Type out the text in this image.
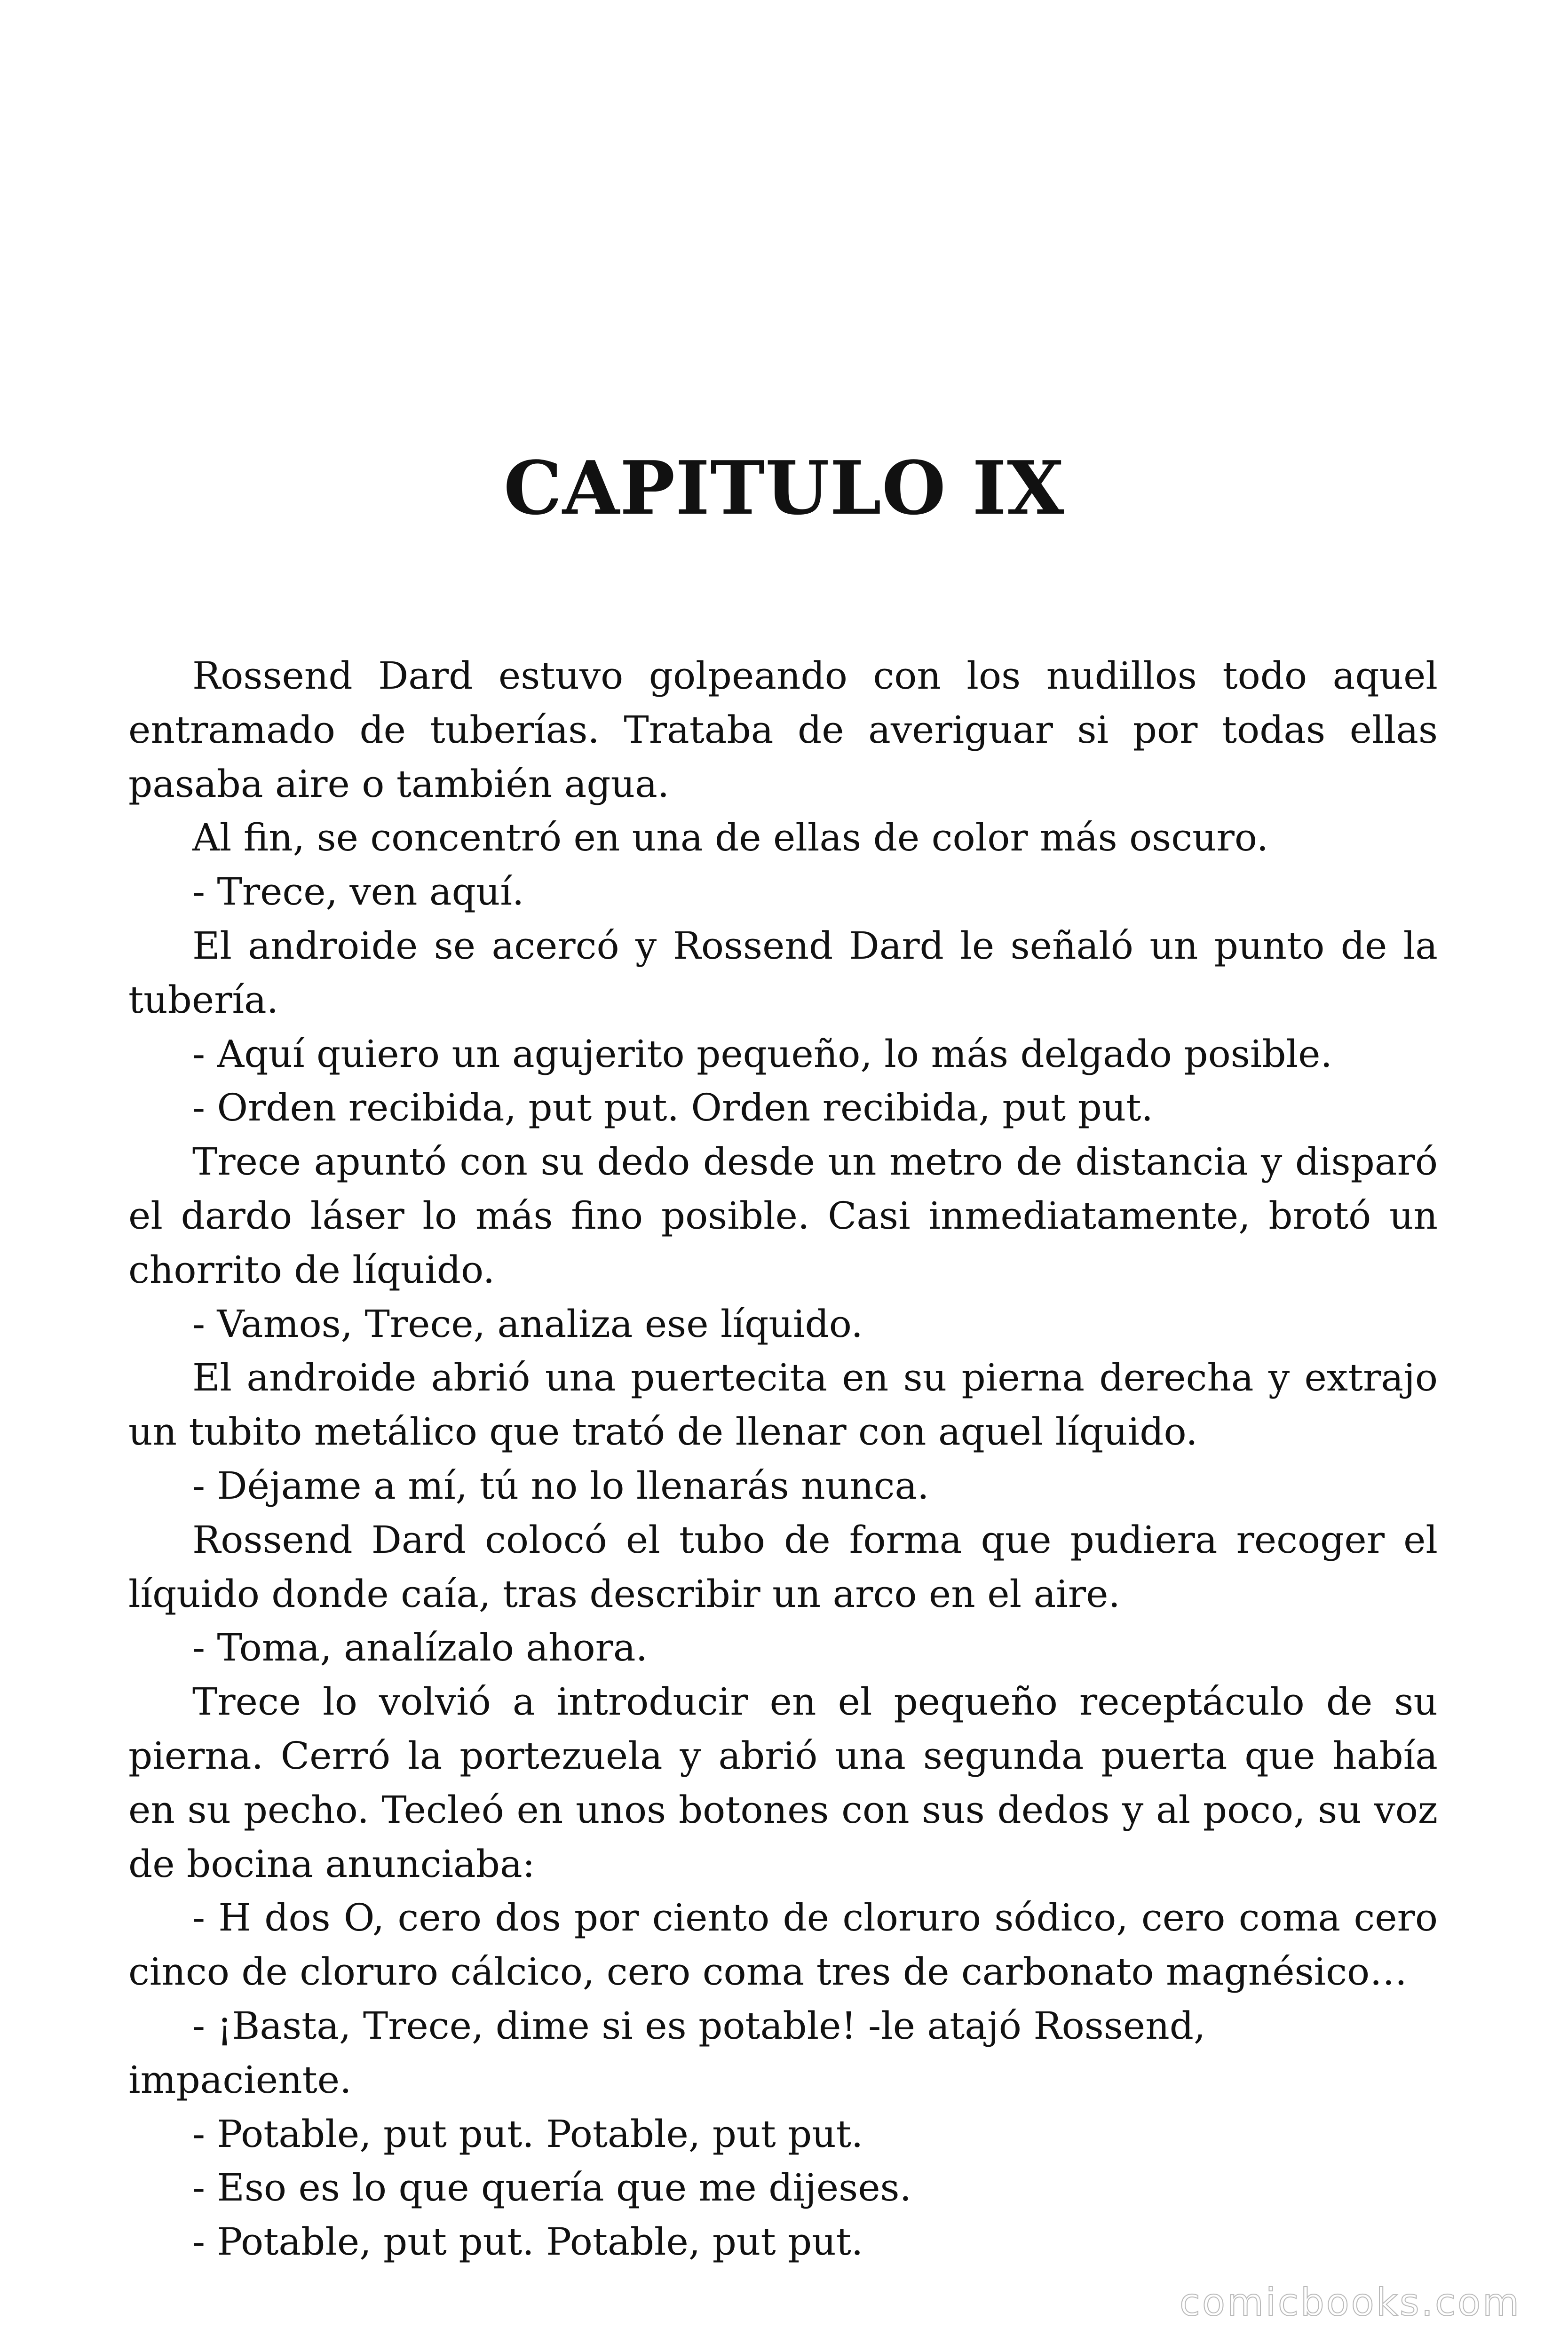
CAPITULO IX

Rossend Dard estuvo golpeando con los nudillos todo aquel entramado de tuberías. Trataba de averiguar si por todas ellas pasaba aire o también agua.

Al fin, se concentró en una de ellas de color más oscuro.

- Trece, ven aquí.

El androide se acercó y Rossend Dard le señaló un punto de la tubería.

- Aquí quiero un agujerito pequeño, lo más delgado posible.

- Orden recibida, put put. Orden recibida, put put.

Trece apuntó con su dedo desde un metro de distancia y disparó el dardo láser lo más fino posible. Casi inmediatamente, brotó un chorrito de líquido.

- Vamos, Trece, analiza ese líquido.

El androide abrió una puertecita en su pierna derecha y extrajo un tubito metálico que trató de llenar con aquel líquido.

- Déjame a mí, tú no lo llenarás nunca.

Rossend Dard colocó el tubo de forma que pudiera recoger el líquido donde caía, tras describir un arco en el aire.

- Toma, analízalo ahora.

Trece lo volvió a introducir en el pequeño receptáculo de su pierna. Cerró la portezuela y abrió una segunda puerta que había en su pecho. Tecleó en unos botones con sus dedos y al poco, su voz de bocina anunciaba:

- H dos O, cero dos por ciento de cloruro sódico, cero coma cero cinco de cloruro cálcico, cero coma tres de carbonato magnésico…

- ¡Basta, Trece, dime si es potable! -le atajó Rossend, impaciente.

- Potable, put put. Potable, put put.

- Eso es lo que quería que me dijeses.

- Potable, put put. Potable, put put.

comicbooks.com
